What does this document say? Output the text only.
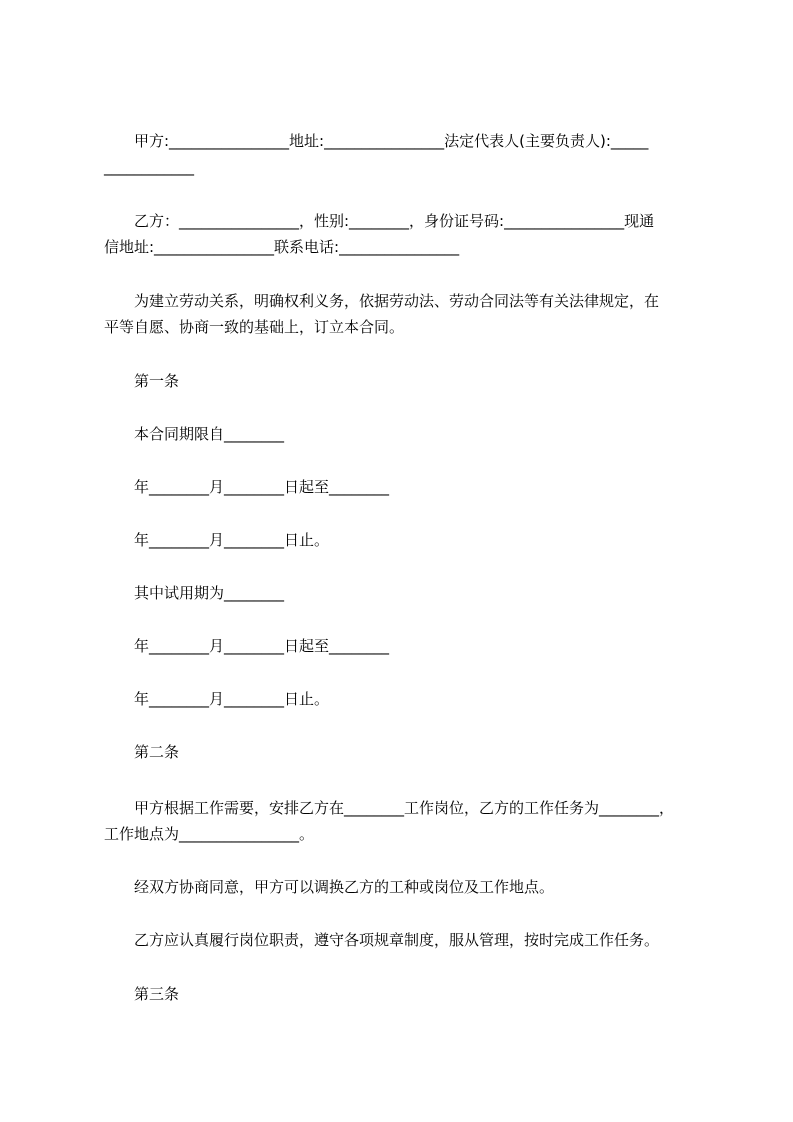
　　甲方:________________地址:________________法定代表人(主要负责人):_____
____________

　　乙方：________________，性别:________，身份证号码:________________现通
信地址:________________联系电话:________________

　　为建立劳动关系，明确权利义务，依据劳动法、劳动合同法等有关法律规定，在
平等自愿、协商一致的基础上，订立本合同。

　　第一条

　　本合同期限自________

　　年________月________日起至________

　　年________月________日止。

　　其中试用期为________

　　年________月________日起至________

　　年________月________日止。

　　第二条

　　甲方根据工作需要，安排乙方在________工作岗位，乙方的工作任务为________，
工作地点为________________。

　　经双方协商同意，甲方可以调换乙方的工种或岗位及工作地点。

　　乙方应认真履行岗位职责，遵守各项规章制度，服从管理，按时完成工作任务。

　　第三条
